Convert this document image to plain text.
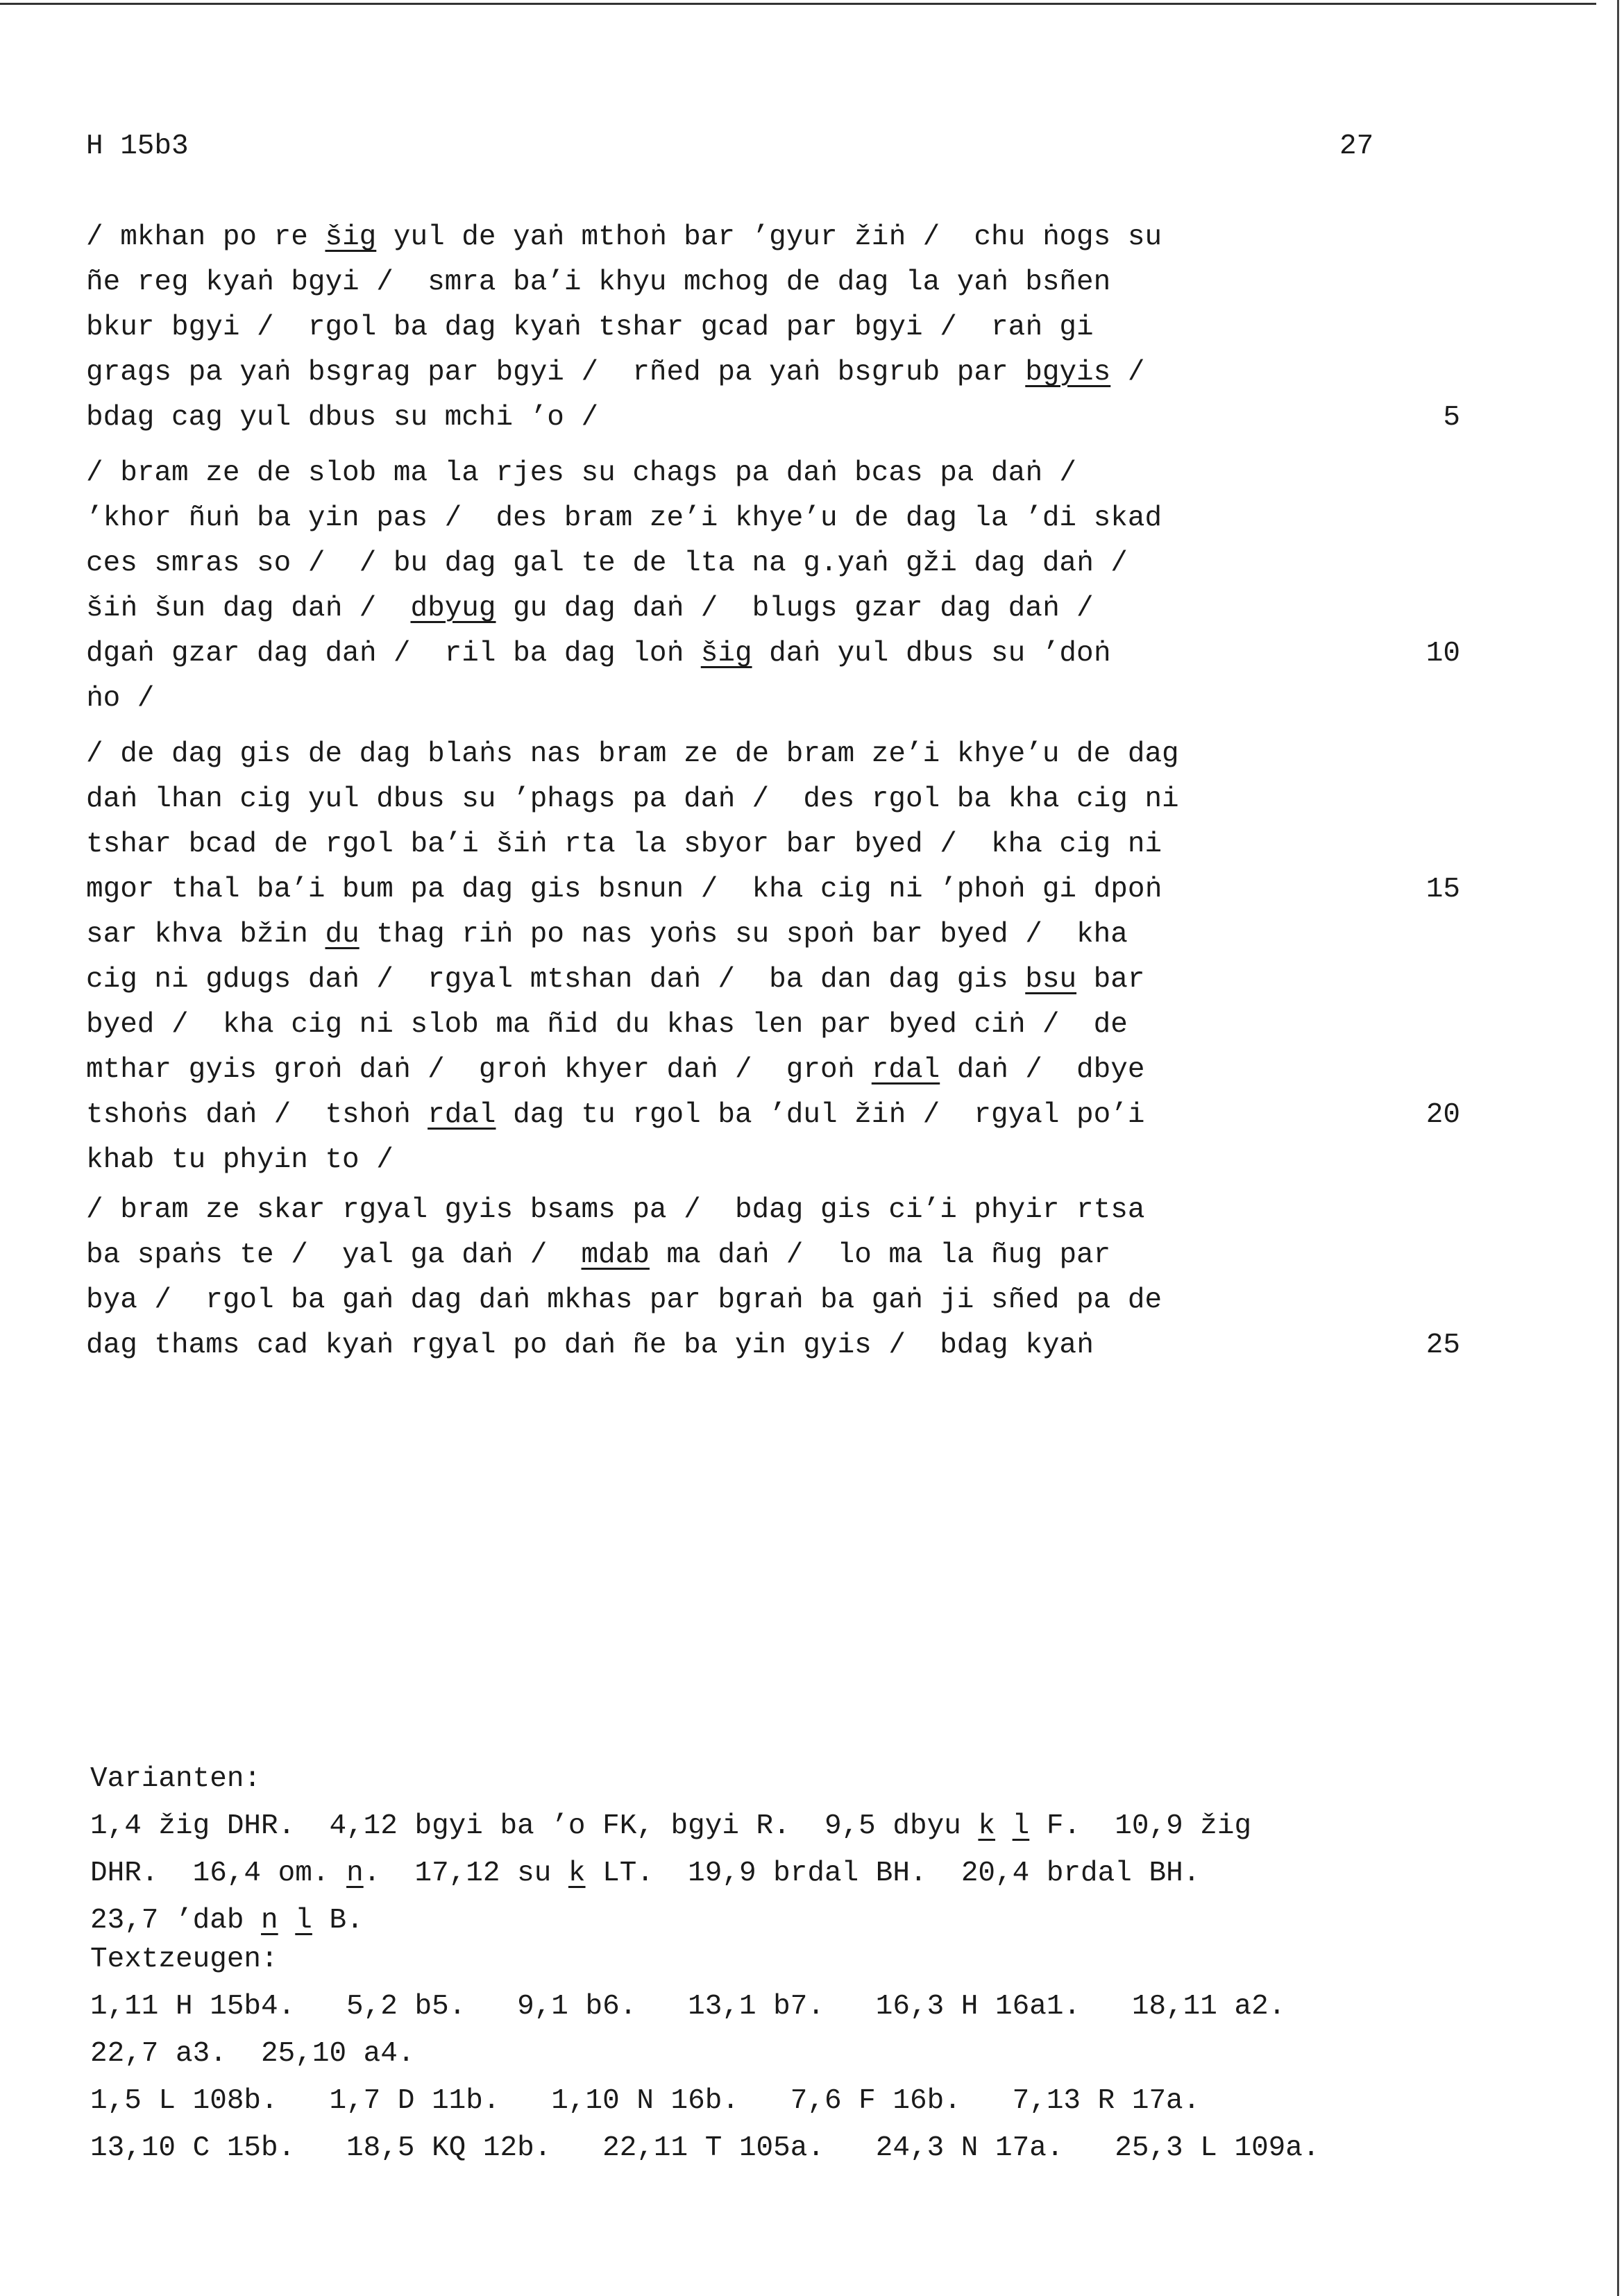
H 15b3	27
/ mkhan po re šig yul de yaṅ mthoṅ bar ’gyur žiṅ /  chu ṅogs su
ñe reg kyaṅ bgyi /  smra ba’i khyu mchog de dag la yaṅ bsñen
bkur bgyi /  rgol ba dag kyaṅ tshar gcad par bgyi /  raṅ gi
grags pa yaṅ bsgrag par bgyi /  rñed pa yaṅ bsgrub par bgyis /
bdag cag yul dbus su mchi ’o /	5
/ bram ze de slob ma la rjes su chags pa daṅ bcas pa daṅ /
’khor ñuṅ ba yin pas /  des bram ze’i khye’u de dag la ’di skad
ces smras so /  / bu dag gal te de lta na g.yaṅ gži dag daṅ /
šiṅ šun dag daṅ /  dbyug gu dag daṅ /  blugs gzar dag daṅ /
dgaṅ gzar dag daṅ /  ril ba dag loṅ šig daṅ yul dbus su ’doṅ	10
ṅo /
/ de dag gis de dag blaṅs nas bram ze de bram ze’i khye’u de dag
daṅ lhan cig yul dbus su ’phags pa daṅ /  des rgol ba kha cig ni
tshar bcad de rgol ba’i šiṅ rta la sbyor bar byed /  kha cig ni
mgor thal ba’i bum pa dag gis bsnun /  kha cig ni ’phoṅ gi dpoṅ	15
sar khva bžin du thag riṅ po nas yoṅs su spoṅ bar byed /  kha
cig ni gdugs daṅ /  rgyal mtshan daṅ /  ba dan dag gis bsu bar
byed /  kha cig ni slob ma ñid du khas len par byed ciṅ /  de
mthar gyis groṅ daṅ /  groṅ khyer daṅ /  groṅ rdal daṅ /  dbye
tshoṅs daṅ /  tshoṅ rdal dag tu rgol ba ’dul žiṅ /  rgyal po’i	20
khab tu phyin to /
/ bram ze skar rgyal gyis bsams pa /  bdag gis ci’i phyir rtsa
ba spaṅs te /  yal ga daṅ /  mdab ma daṅ /  lo ma la ñug par
bya /  rgol ba gaṅ dag daṅ mkhas par bgraṅ ba gaṅ ji sñed pa de
dag thams cad kyaṅ rgyal po daṅ ñe ba yin gyis /  bdag kyaṅ	25
Varianten:
1,4 žig DHR.  4,12 bgyi ba ’o FK, bgyi R.  9,5 dbyu k l F.  10,9 žig
DHR.  16,4 om. n.  17,12 su k LT.  19,9 brdal BH.  20,4 brdal BH.
23,7 ’dab n l B.
Textzeugen:
1,11 H 15b4.   5,2 b5.   9,1 b6.   13,1 b7.   16,3 H 16a1.   18,11 a2.
22,7 a3.  25,10 a4.
1,5 L 108b.   1,7 D 11b.   1,10 N 16b.   7,6 F 16b.   7,13 R 17a.
13,10 C 15b.   18,5 KQ 12b.   22,11 T 105a.   24,3 N 17a.   25,3 L 109a.
